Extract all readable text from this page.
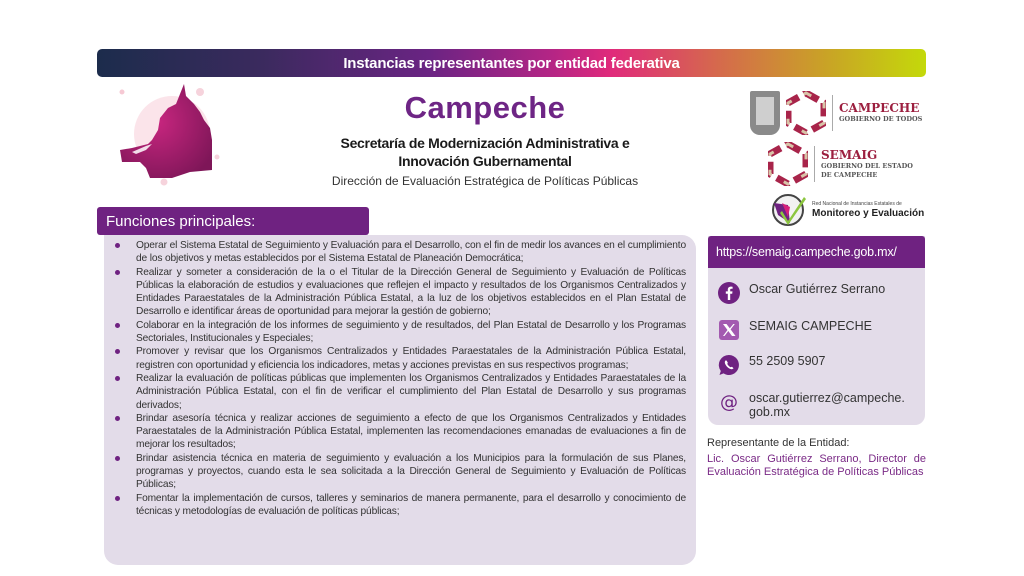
Instancias representantes por entidad federativa
Campeche
Secretaría de Modernización Administrativa e Innovación Gubernamental
Dirección de Evaluación Estratégica de Políticas Públicas
CAMPECHE
GOBIERNO DE TODOS
SEMAIG
GOBIERNO DEL ESTADO
DE CAMPECHE
Red Nacional de Instancias Estatales de
Monitoreo y Evaluación
Operar el Sistema Estatal de Seguimiento y Evaluación para el Desarrollo, con el fin de medir los avances en el cumplimiento de los objetivos y metas establecidos por el Sistema Estatal de Planeación Democrática;
Realizar y someter a consideración de la o el Titular de la Dirección General de Seguimiento y Evaluación de Políticas Públicas la elaboración de estudios y evaluaciones que reflejen el impacto y resultados de los Organismos Centralizados y Entidades Paraestatales de la Administración Pública Estatal, a la luz de los objetivos establecidos en el Plan Estatal de Desarrollo e identificar áreas de oportunidad para mejorar la gestión de gobierno;
Colaborar en la integración de los informes de seguimiento y de resultados, del Plan Estatal de Desarrollo y los Programas Sectoriales, Institucionales y Especiales;
Promover y revisar que los Organismos Centralizados y Entidades Paraestatales de la Administración Pública Estatal, registren con oportunidad y eficiencia los indicadores, metas y acciones previstas en sus respectivos programas;
Realizar la evaluación de políticas públicas que implementen los Organismos Centralizados y Entidades Paraestatales de la Administración Pública Estatal, con el fin de verificar el cumplimiento del Plan Estatal de Desarrollo y sus programas derivados;
Brindar asesoría técnica y realizar acciones de seguimiento a efecto de que los Organismos Centralizados y Entidades Paraestatales de la Administración Pública Estatal, implementen las recomendaciones emanadas de evaluaciones a fin de mejorar los resultados;
Brindar asistencia técnica en materia de seguimiento y evaluación a los Municipios para la formulación de sus Planes, programas y proyectos, cuando esta le sea solicitada a la Dirección General de Seguimiento y Evaluación de Políticas Públicas;
Fomentar la implementación de cursos, talleres y seminarios de manera permanente, para el desarrollo y conocimiento de técnicas y metodologías de evaluación de políticas públicas;
Funciones principales:
https://semaig.campeche.gob.mx/
Oscar Gutiérrez Serrano
SEMAIG CAMPECHE
55 2509 5907
@ oscar.gutierrez@campeche.gob.mx
Representante de la Entidad:
Lic. Oscar Gutiérrez Serrano, Director de Evaluación Estratégica de Políticas Públicas
